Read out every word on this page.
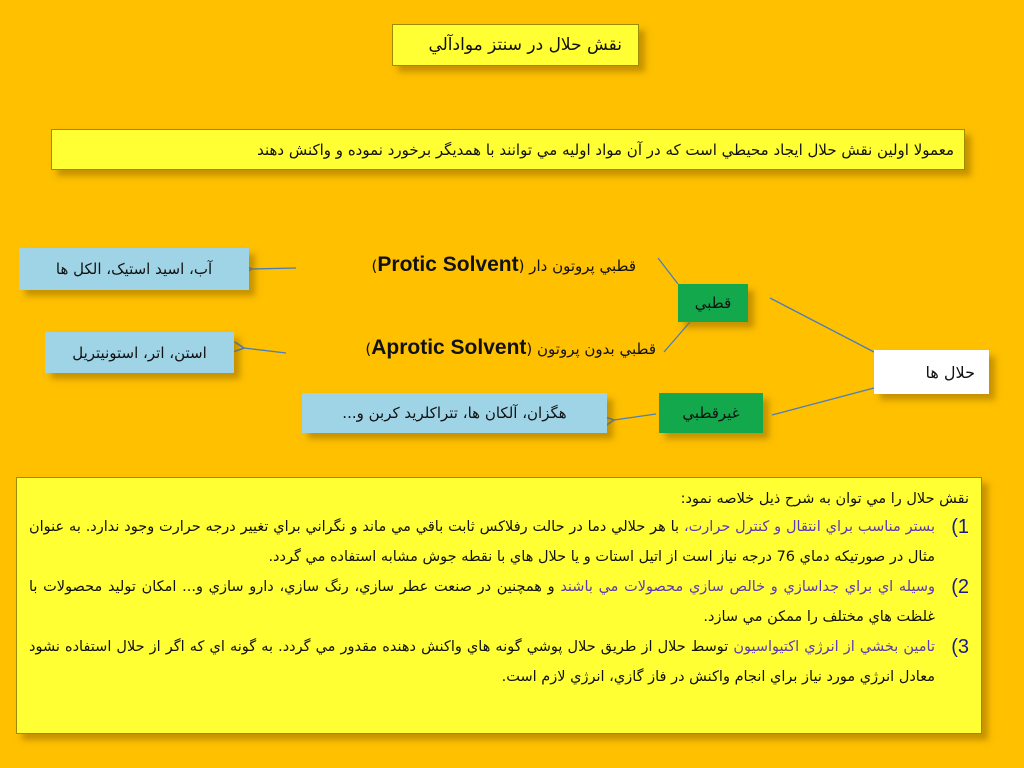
نقش حلال در سنتز موادآلي
معمولا اولين نقش حلال ايجاد محيطي است كه در آن مواد اوليه مي توانند با همديگر برخورد نموده و واكنش دهند
حلال ها
قطبي
غيرقطبي
قطبي پروتون دار (Protic Solvent)
قطبي بدون پروتون (Aprotic Solvent)
آب، اسيد استيک، الکل ها
استن، اتر، استونيتريل
هگزان، آلکان ها، تتراکلريد کربن و...
نقش حلال را مي توان به شرح ذيل خلاصه نمود:
1)
بستر مناسب براي انتقال و كنترل حرارت، با هر حلالي دما در حالت رفلاكس ثابت باقي مي ماند و نگراني براي تغيير درجه حرارت وجود ندارد. به عنوان مثال در صورتيكه دماي 76 درجه نياز است از اتيل استات و يا حلال هاي با نقطه جوش مشابه استفاده مي گردد.
2)
وسيله اي براي جداسازي و خالص سازي محصولات مي باشند و همچنين در صنعت عطر سازي، رنگ سازي، دارو سازي و... امكان توليد محصولات با غلظت هاي مختلف را ممكن مي سازد.
3)
تامين بخشي از انرژي اكتيواسيون توسط حلال از طريق حلال پوشي گونه هاي واكنش دهنده مقدور مي گردد. به گونه اي كه اگر از حلال استفاده نشود معادل انرژي مورد نياز براي انجام واكنش در فاز گازي، انرژي لازم است.
